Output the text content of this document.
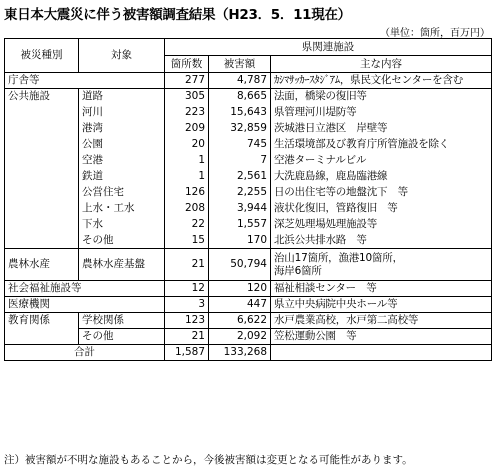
東日本大震災に伴う被害額調査結果（H23．5．11現在）
（単位：箇所，百万円）
被災種別	対象	県関連施設		
		箇所数	被害額	主な内容
庁舎等		277	4,787	ｶｼﾏｻｯｶｰｽﾀｼﾞｱﾑ，県民文化センターを含む
公共施設	道路	305	8,665	法面，橋梁の復旧等
	河川	223	15,643	県管理河川堤防等
	港湾	209	32,859	茨城港日立港区　岸壁等
	公園	20	745	生活環境部及び教育庁所管施設を除く
	空港	1	7	空港ターミナルビル
	鉄道	1	2,561	大洗鹿島線，鹿島臨港線
	公営住宅	126	2,255	日の出住宅等の地盤沈下　等
	上水・工水	208	3,944	液状化復旧，管路復旧　等
	下水	22	1,557	深芝処理場処理施設等
	その他	15	170	北浜公共排水路　等
農林水産	農林水産基盤	21	50,794	治山17箇所，漁港10箇所，
海岸6箇所

社会福祉施設等		12	120	福祉相談センター　等
医療機関		3	447	県立中央病院中央ホール等
教育関係	学校関係	123	6,622	水戸農業高校，水戸第二高校等
	その他	21	2,092	笠松運動公園　等
合計		1,587	133,268	
注）被害額が不明な施設もあることから，今後被害額は変更となる可能性があります。
